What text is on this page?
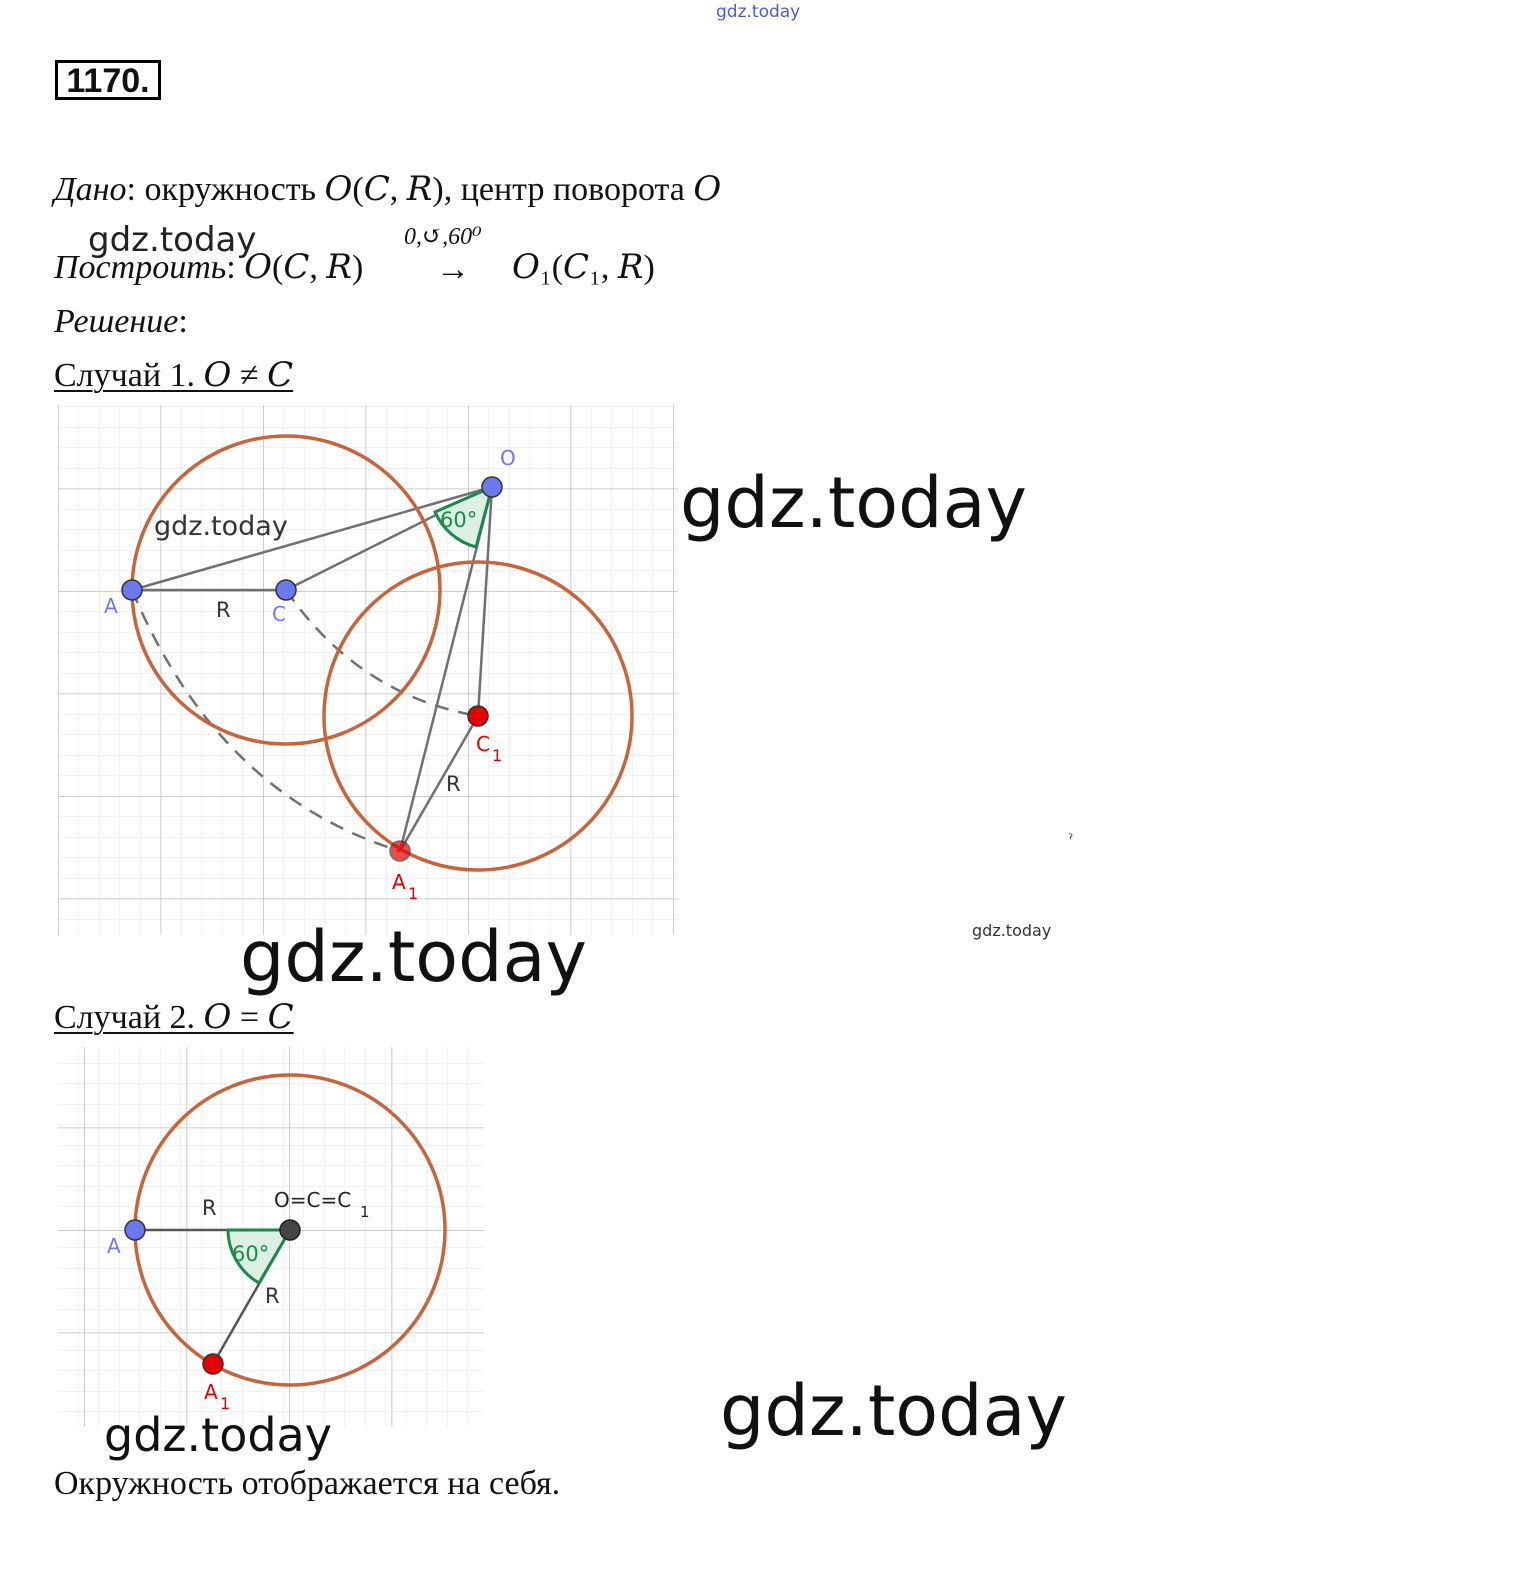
gdz.today
1170.
Дано: окружность 𝑂(𝐶, 𝑅), центр поворота 𝑂
gdz.today	0,↺,60⁰
Построить: 𝑂(𝐶, 𝑅) → 𝑂₁(𝐶₁, 𝑅)
Решение:
Случай 1. 𝑂 ≠ 𝐶
60°
O
A	C
R
C 1
R
A 1
gdz.today	gdz.today
ˀ
gdz.today
gdz.today
Случай 2. 𝑂 = 𝐶
60°
A
R	O=C=C 1
R
A 1	gdz.today
gdz.today
Окружность отображается на себя.
